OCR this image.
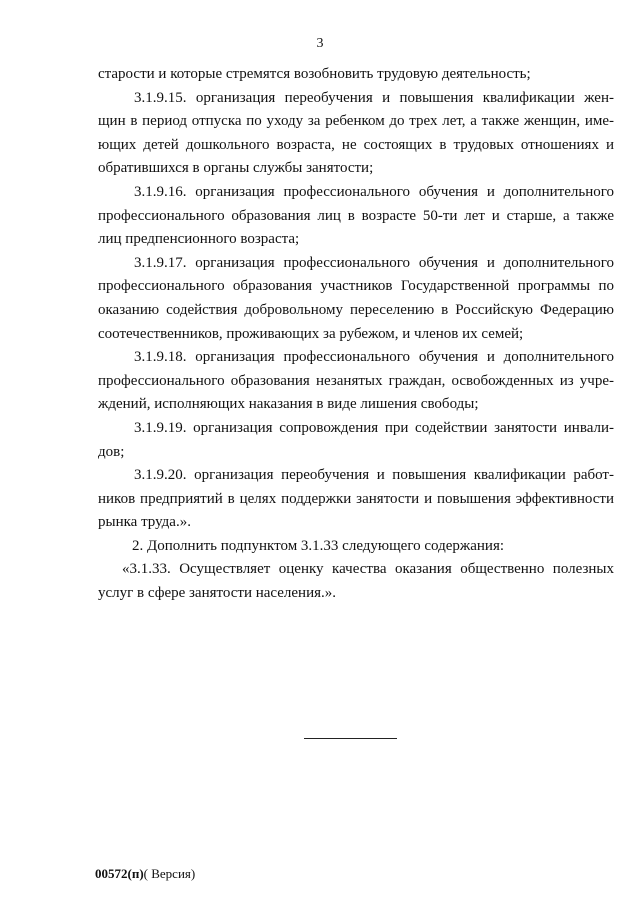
3
старости и которые стремятся возобновить трудовую деятельность;
3.1.9.15. организация переобучения и повышения квалификации жен-
щин в период отпуска по уходу за ребенком до трех лет, а также женщин, име-
ющих детей дошкольного возраста, не состоящих в трудовых отношениях и
обратившихся в органы службы занятости;
3.1.9.16. организация профессионального обучения и дополнительного
профессионального образования лиц в возрасте 50-ти лет и старше, а также
лиц предпенсионного возраста;
3.1.9.17. организация профессионального обучения и дополнительного
профессионального образования участников Государственной программы по
оказанию содействия добровольному переселению в Российскую Федерацию
соотечественников, проживающих за рубежом, и членов их семей;
3.1.9.18. организация профессионального обучения и дополнительного
профессионального образования незанятых граждан, освобожденных из учре-
ждений, исполняющих наказания в виде лишения свободы;
3.1.9.19. организация сопровождения при содействии занятости инвали-
дов;
3.1.9.20. организация переобучения и повышения квалификации работ-
ников предприятий в целях поддержки занятости и повышения эффективности
рынка труда.».
2. Дополнить подпунктом 3.1.33 следующего содержания:
«3.1.33. Осуществляет оценку качества оказания общественно полезных
услуг в сфере занятости населения.».
00572(п)( Версия)
